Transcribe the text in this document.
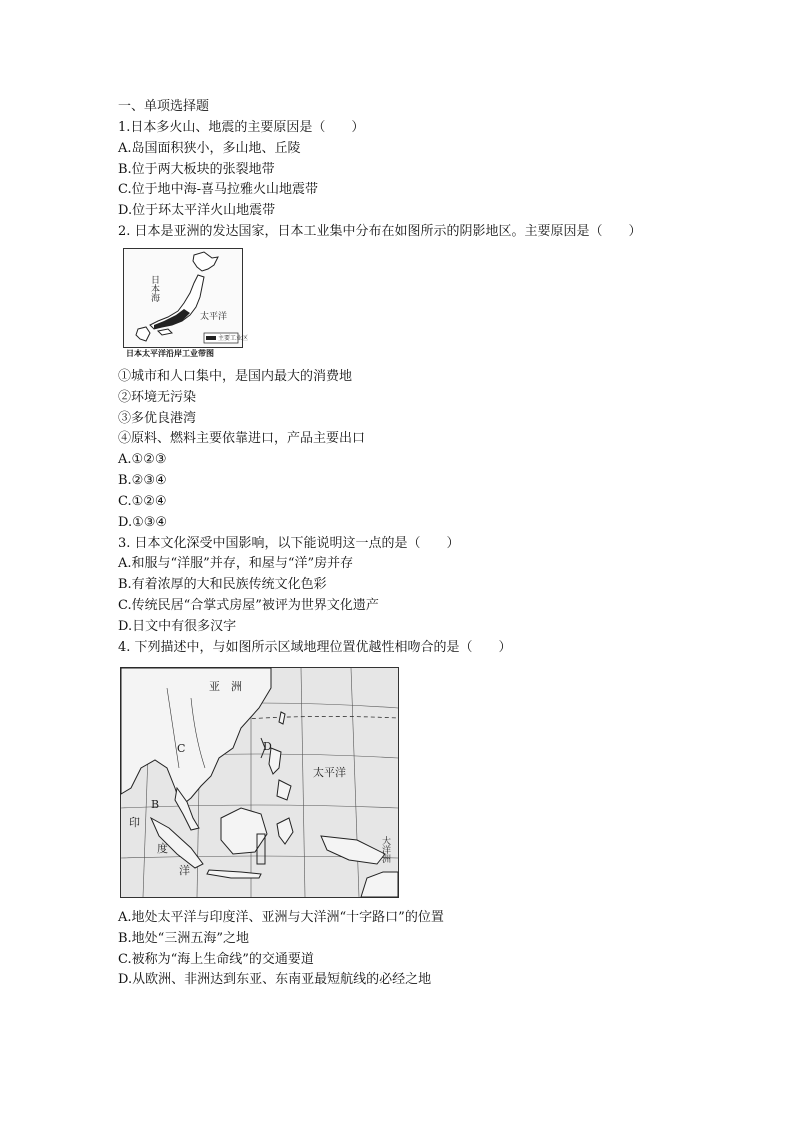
一、单项选择题
1.日本多火山、地震的主要原因是（　　）
A.岛国面积狭小，多山地、丘陵
B.位于两大板块的张裂地带
C.位于地中海-喜马拉雅火山地震带
D.位于环太平洋火山地震带
2. 日本是亚洲的发达国家，日本工业集中分布在如图所示的阴影地区。主要原因是（　　）
日本海
太平洋
主要工业区
日本太平洋沿岸工业带图
①城市和人口集中，是国内最大的消费地
②环境无污染
③多优良港湾
④原料、燃料主要依靠进口，产品主要出口
A.①②③
B.②③④
C.①②④
D.①③④
3. 日本文化深受中国影响，以下能说明这一点的是（　　）
A.和服与“洋服”并存，和屋与“洋”房并存
B.有着浓厚的大和民族传统文化色彩
C.传统民居“合掌式房屋”被评为世界文化遗产
D.日文中有很多汉字
4. 下列描述中，与如图所示区域地理位置优越性相吻合的是（　　）
亚　洲
太平洋
印
度
洋
大洋洲
C	D
B
A.地处太平洋与印度洋、亚洲与大洋洲“十字路口”的位置
B.地处“三洲五海”之地
C.被称为“海上生命线”的交通要道
D.从欧洲、非洲达到东亚、东南亚最短航线的必经之地
